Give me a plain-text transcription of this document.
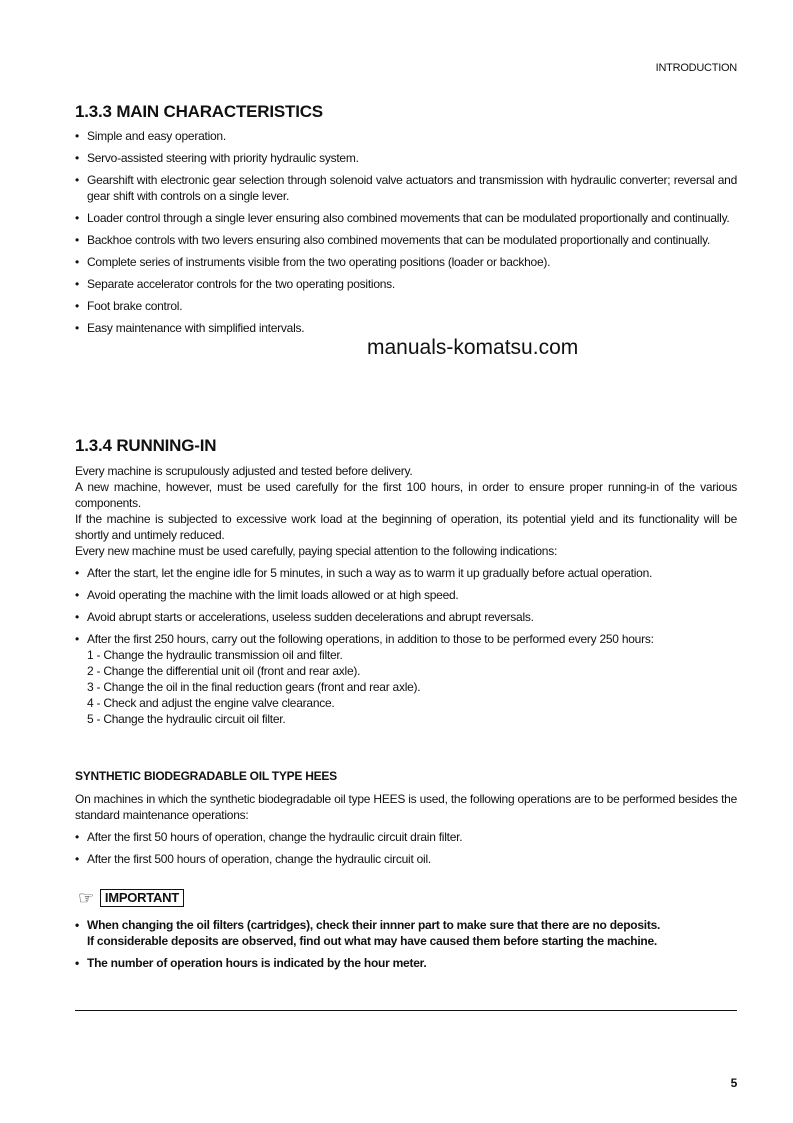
INTRODUCTION
1.3.3 MAIN CHARACTERISTICS
• Simple and easy operation.
• Servo-assisted steering with priority hydraulic system.
• Gearshift with electronic gear selection through solenoid valve actuators and transmission with hydraulic converter; reversal and gear shift with controls on a single lever.
• Loader control through a single lever ensuring also combined movements that can be modulated proportionally and continually.
• Backhoe controls with two levers ensuring also combined movements that can be modulated proportionally and continually.
• Complete series of instruments visible from the two operating positions (loader or backhoe).
• Separate accelerator controls for the two operating positions.
• Foot brake control.
• Easy maintenance with simplified intervals.
manuals-komatsu.com
1.3.4 RUNNING-IN

Every machine is scrupulously adjusted and tested before delivery.

A new machine, however, must be used carefully for the first 100 hours, in order to ensure proper running-in of the various components.

If the machine is subjected to excessive work load at the beginning of operation, its potential yield and its functionality will be shortly and untimely reduced.

Every new machine must be used carefully, paying special attention to the following indications:

• After the start, let the engine idle for 5 minutes, in such a way as to warm it up gradually before actual operation.
• Avoid operating the machine with the limit loads allowed or at high speed.
• Avoid abrupt starts or accelerations, useless sudden decelerations and abrupt reversals.
• After the first 250 hours, carry out the following operations, in addition to those to be performed every 250 hours:
1 - Change the hydraulic transmission oil and filter.
2 - Change the differential unit oil (front and rear axle).
3 - Change the oil in the final reduction gears (front and rear axle).
4 - Check and adjust the engine valve clearance.
5 - Change the hydraulic circuit oil filter.
SYNTHETIC BIODEGRADABLE OIL TYPE HEES

On machines in which the synthetic biodegradable oil type HEES is used, the following operations are to be performed besides the standard maintenance operations:

• After the first 50 hours of operation, change the hydraulic circuit drain filter.
• After the first 500 hours of operation, change the hydraulic circuit oil.
☞ IMPORTANT
• When changing the oil filters (cartridges), check their innner part to make sure that there are no deposits.
If considerable deposits are observed, find out what may have caused them before starting the machine.
• The number of operation hours is indicated by the hour meter.
5
